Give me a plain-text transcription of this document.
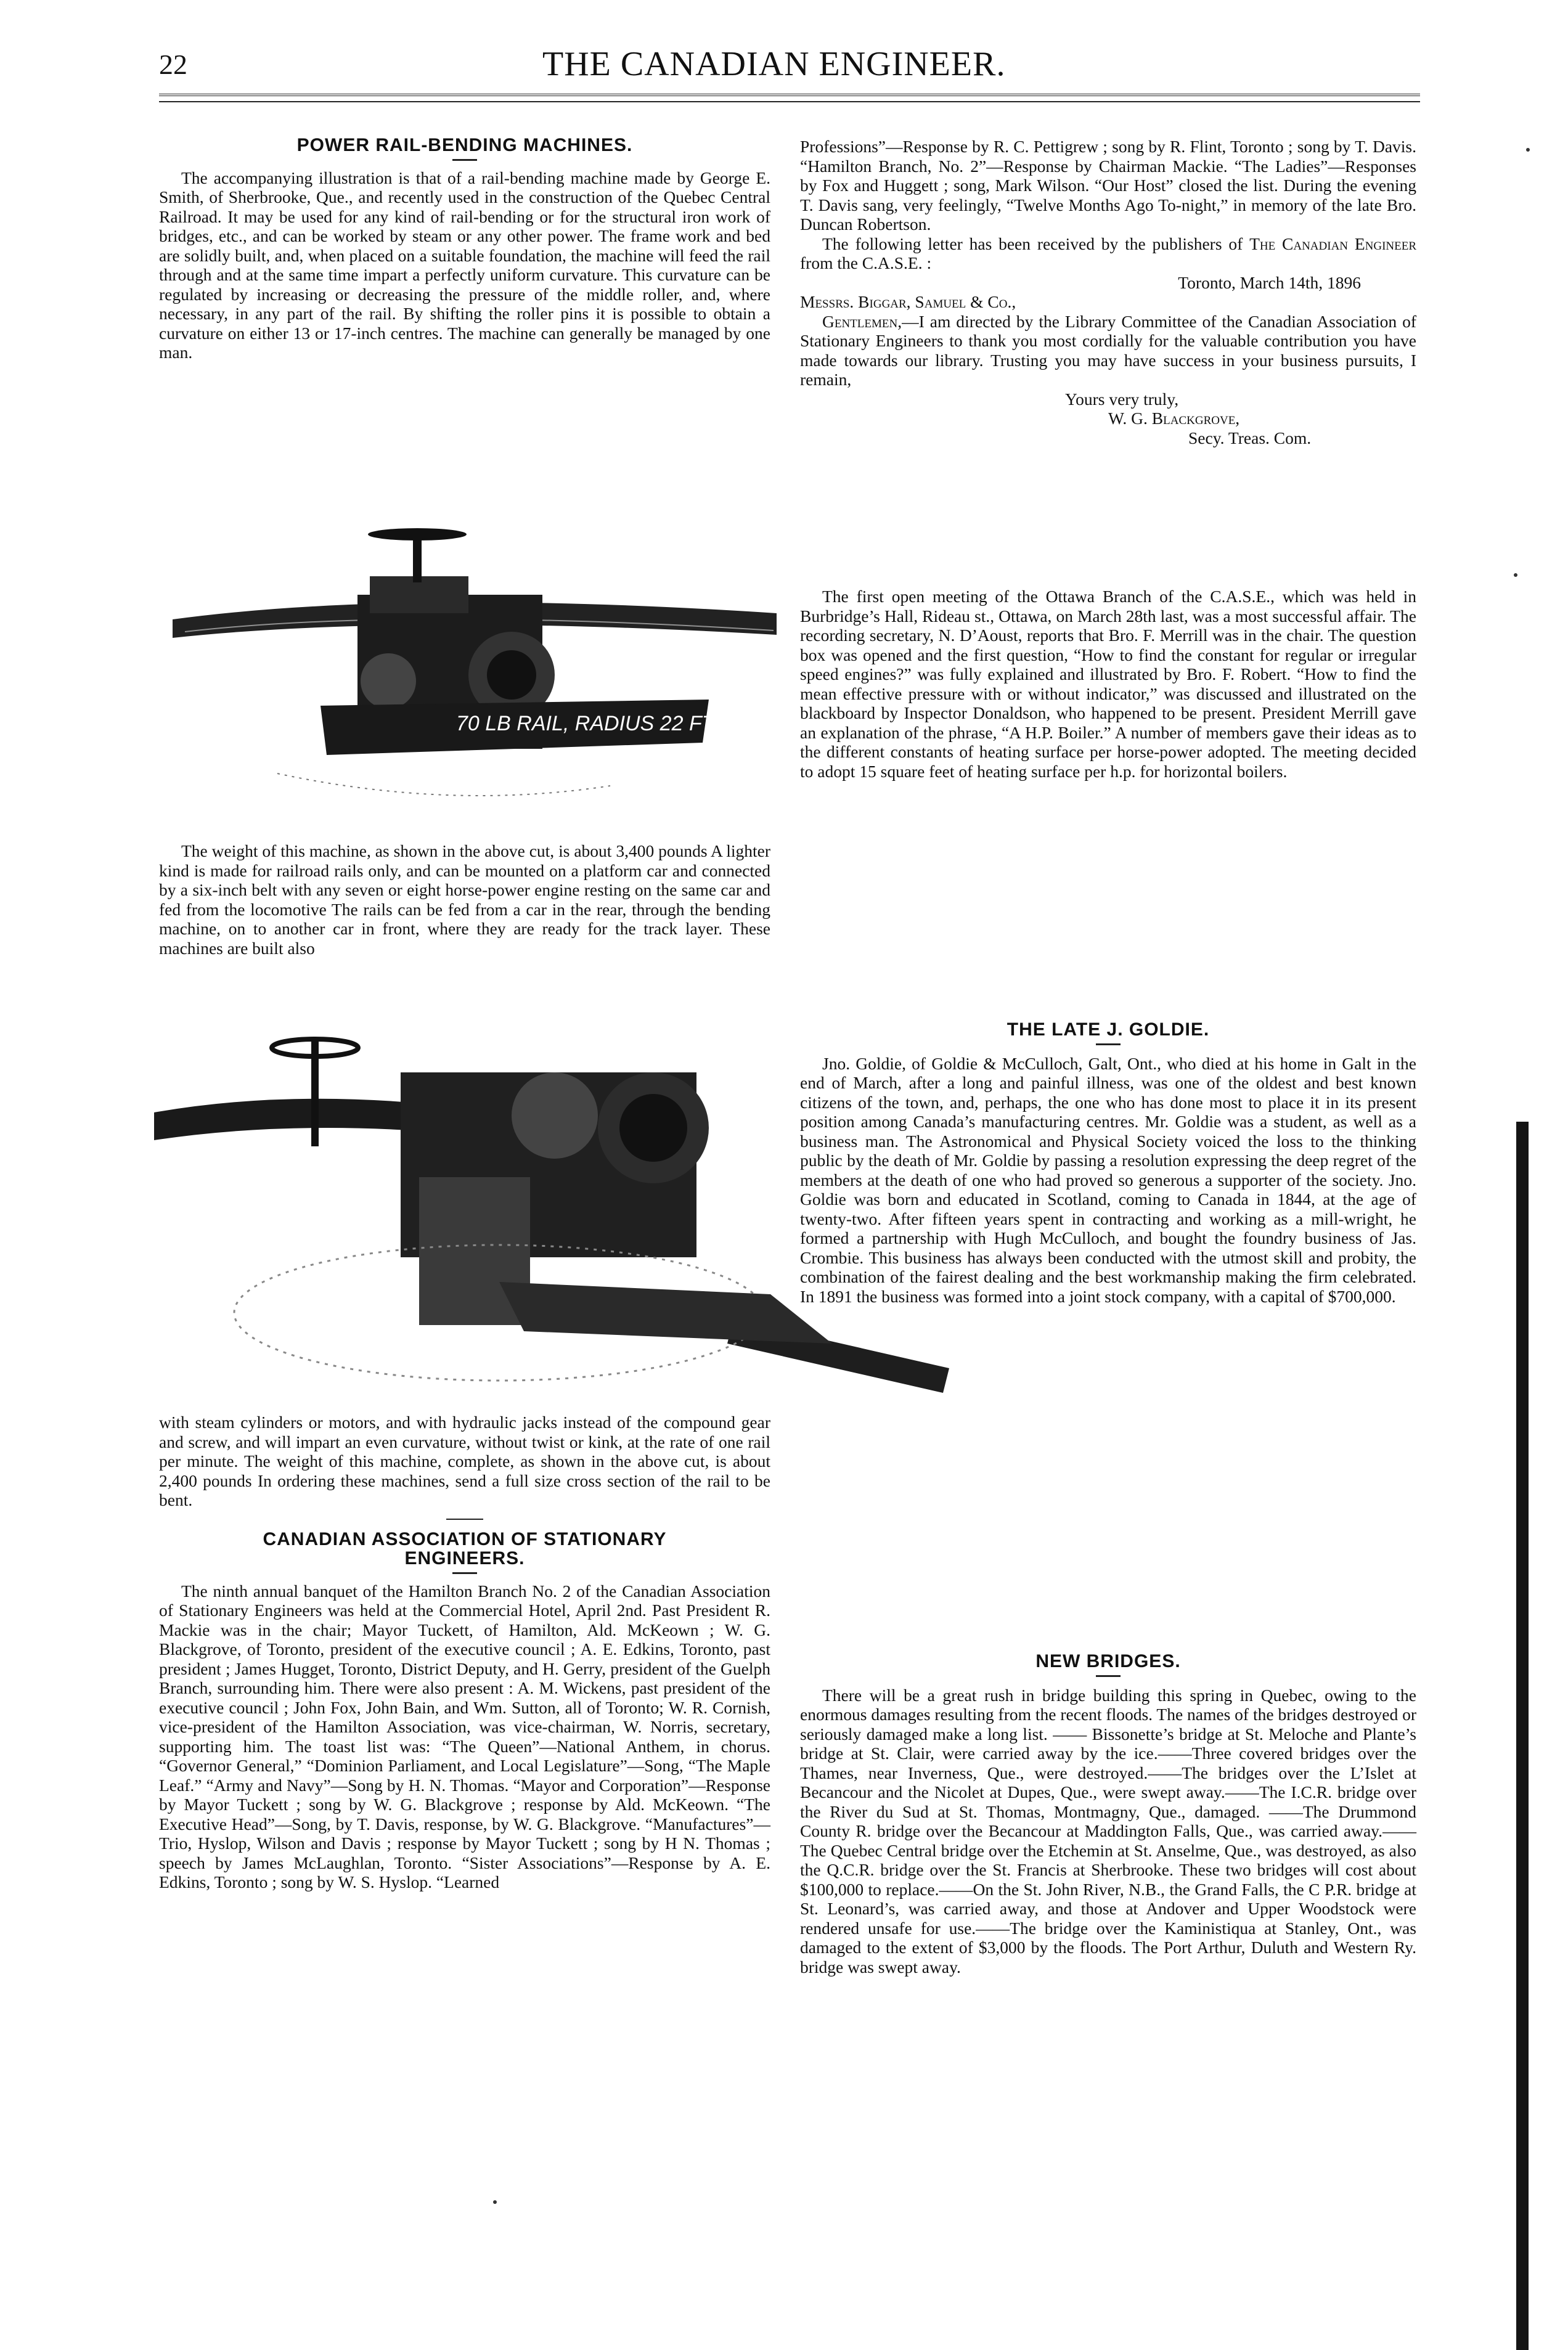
22	THE CANADIAN ENGINEER.
POWER RAIL-BENDING MACHINES.

The accompanying illustration is that of a rail-bending machine made by George E. Smith, of Sherbrooke, Que., and recently used in the construction of the Quebec Central Railroad. It may be used for any kind of rail-bending or for the structural iron work of bridges, etc., and can be worked by steam or any other power. The frame work and bed are solidly built, and, when placed on a suitable foundation, the machine will feed the rail through and at the same time impart a perfectly uniform curvature. This curvature can be regulated by increasing or decreasing the pressure of the middle roller, and, where necessary, in any part of the rail. By shifting the roller pins it is possible to obtain a curvature on either 13 or 17-inch centres. The machine can generally be managed by one man.

70 LB RAIL, RADIUS 22 FT

The weight of this machine, as shown in the above cut, is about 3,400 pounds A lighter kind is made for railroad rails only, and can be mounted on a platform car and connected by a six-inch belt with any seven or eight horse-power engine resting on the same car and fed from the locomotive The rails can be fed from a car in the rear, through the bending machine, on to another car in front, where they are ready for the track layer. These machines are built also

with steam cylinders or motors, and with hydraulic jacks instead of the compound gear and screw, and will impart an even curvature, without twist or kink, at the rate of one rail per minute. The weight of this machine, complete, as shown in the above cut, is about 2,400 pounds In ordering these machines, send a full size cross section of the rail to be bent.

CANADIAN ASSOCIATION OF STATIONARY
ENGINEERS.

The ninth annual banquet of the Hamilton Branch No. 2 of the Canadian Association of Stationary Engineers was held at the Commercial Hotel, April 2nd. Past President R. Mackie was in the chair; Mayor Tuckett, of Hamilton, Ald. McKeown ; W. G. Blackgrove, of Toronto, president of the executive council ; A. E. Edkins, Toronto, past president ; James Hugget, Toronto, District Deputy, and H. Gerry, president of the Guelph Branch, surrounding him. There were also present : A. M. Wickens, past president of the executive council ; John Fox, John Bain, and Wm. Sutton, all of Toronto; W. R. Cornish, vice-president of the Hamilton Association, was vice-chairman, W. Norris, secretary, supporting him. The toast list was: “The Queen”—National Anthem, in chorus. “Governor General,” “Dominion Parliament, and Local Legislature”—Song, “The Maple Leaf.” “Army and Navy”—Song by H. N. Thomas. “Mayor and Corporation”—Response by Mayor Tuckett ; song by W. G. Blackgrove ; response by Ald. McKeown. “The Executive Head”—Song, by T. Davis, response, by W. G. Blackgrove. “Manufactures”—Trio, Hyslop, Wilson and Davis ; response by Mayor Tuckett ; song by H N. Thomas ; speech by James McLaughlan, Toronto. “Sister Associations”—Response by A. E. Edkins, Toronto ; song by W. S. Hyslop. “Learned

Professions”—Response by R. C. Pettigrew ; song by R. Flint, Toronto ; song by T. Davis. “Hamilton Branch, No. 2”—Response by Chairman Mackie. “The Ladies”—Responses by Fox and Huggett ; song, Mark Wilson. “Our Host” closed the list. During the evening T. Davis sang, very feelingly, “Twelve Months Ago To-night,” in memory of the late Bro. Duncan Robertson.

The following letter has been received by the publishers of The Canadian Engineer from the C.A.S.E. :

Toronto, March 14th, 1896
Messrs. Biggar, Samuel & Co.,

Gentlemen,—I am directed by the Library Committee of the Canadian Association of Stationary Engineers to thank you most cordially for the valuable contribution you have made towards our library. Trusting you may have success in your business pursuits, I remain,

Yours very truly,
W. G. Blackgrove,
Secy. Treas. Com.

The first open meeting of the Ottawa Branch of the C.A.S.E., which was held in Burbridge’s Hall, Rideau st., Ottawa, on March 28th last, was a most successful affair. The recording secretary, N. D’Aoust, reports that Bro. F. Merrill was in the chair. The question box was opened and the first question, “How to find the constant for regular or irregular speed engines?” was fully explained and illustrated by Bro. F. Robert. “How to find the mean effective pressure with or without indicator,” was discussed and illustrated on the blackboard by Inspector Donaldson, who happened to be present. President Merrill gave an explanation of the phrase, “A H.P. Boiler.” A number of members gave their ideas as to the different constants of heating surface per horse-power adopted. The meeting decided to adopt 15 square feet of heating surface per h.p. for horizontal boilers.

THE LATE J. GOLDIE.

Jno. Goldie, of Goldie & McCulloch, Galt, Ont., who died at his home in Galt in the end of March, after a long and painful illness, was one of the oldest and best known citizens of the town, and, perhaps, the one who has done most to place it in its present position among Canada’s manufacturing centres. Mr. Goldie was a student, as well as a business man. The Astronomical and Physical Society voiced the loss to the thinking public by the death of Mr. Goldie by passing a resolution expressing the deep regret of the members at the death of one who had proved so generous a supporter of the society. Jno. Goldie was born and educated in Scotland, coming to Canada in 1844, at the age of twenty-two. After fifteen years spent in contracting and working as a mill-wright, he formed a partnership with Hugh McCulloch, and bought the foundry business of Jas. Crombie. This business has always been conducted with the utmost skill and probity, the combination of the fairest dealing and the best workmanship making the firm celebrated. In 1891 the business was formed into a joint stock company, with a capital of $700,000.

NEW BRIDGES.

There will be a great rush in bridge building this spring in Quebec, owing to the enormous damages resulting from the recent floods. The names of the bridges destroyed or seriously damaged make a long list. —— Bissonette’s bridge at St. Meloche and Plante’s bridge at St. Clair, were carried away by the ice.——Three covered bridges over the Thames, near Inverness, Que., were destroyed.——The bridges over the L’Islet at Becancour and the Nicolet at Dupes, Que., were swept away.——The I.C.R. bridge over the River du Sud at St. Thomas, Montmagny, Que., damaged. ——The Drummond County R. bridge over the Becancour at Maddington Falls, Que., was carried away.——The Quebec Central bridge over the Etchemin at St. Anselme, Que., was destroyed, as also the Q.C.R. bridge over the St. Francis at Sherbrooke. These two bridges will cost about $100,000 to replace.——On the St. John River, N.B., the Grand Falls, the C P.R. bridge at St. Leonard’s, was carried away, and those at Andover and Upper Woodstock were rendered unsafe for use.——The bridge over the Kaministiqua at Stanley, Ont., was damaged to the extent of $3,000 by the floods. The Port Arthur, Duluth and Western Ry. bridge was swept away.
